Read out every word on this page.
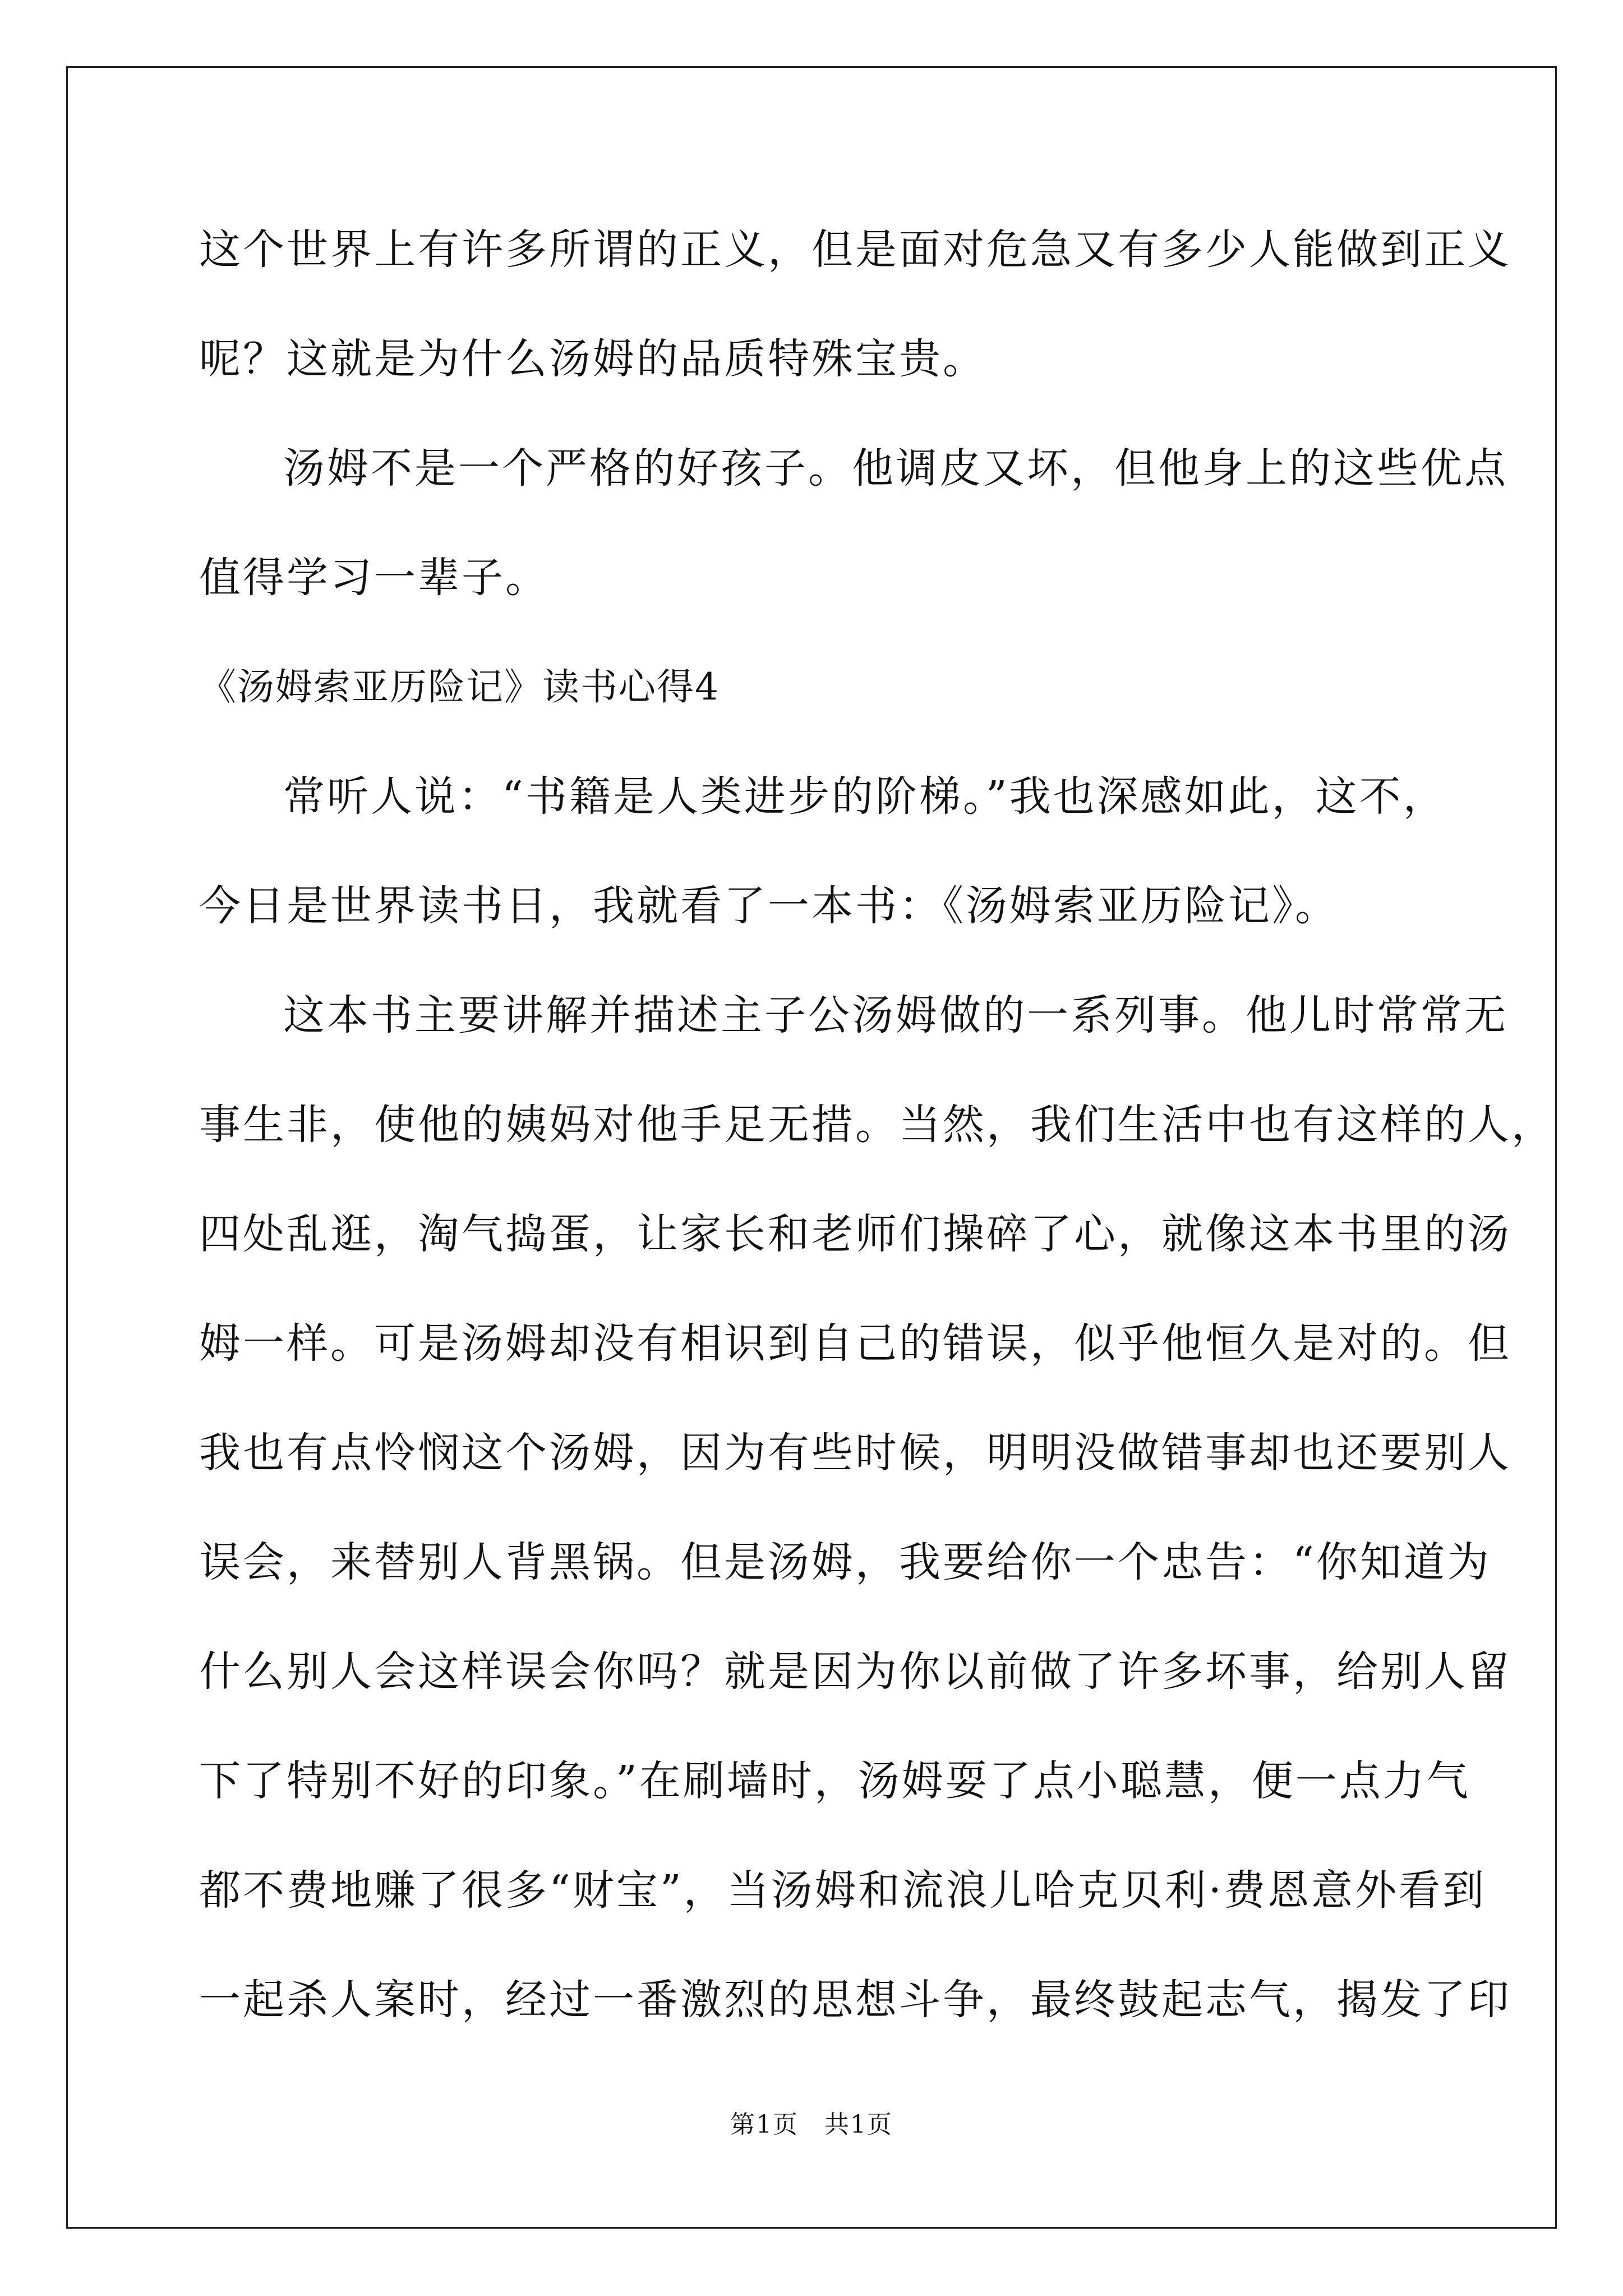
这个世界上有许多所谓的正义，但是面对危急又有多少人能做到正义
呢？这就是为什么汤姆的品质特殊宝贵。
汤姆不是一个严格的好孩子。他调皮又坏，但他身上的这些优点
值得学习一辈子。
《汤姆索亚历险记》读书心得4
常听人说：“书籍是人类进步的阶梯。”我也深感如此，这不，
今日是世界读书日，我就看了一本书：《汤姆索亚历险记》。
这本书主要讲解并描述主子公汤姆做的一系列事。他儿时常常无
事生非，使他的姨妈对他手足无措。当然，我们生活中也有这样的人，
四处乱逛，淘气捣蛋，让家长和老师们操碎了心，就像这本书里的汤
姆一样。可是汤姆却没有相识到自己的错误，似乎他恒久是对的。但
我也有点怜悯这个汤姆，因为有些时候，明明没做错事却也还要别人
误会，来替别人背黑锅。但是汤姆，我要给你一个忠告：“你知道为
什么别人会这样误会你吗？就是因为你以前做了许多坏事，给别人留
下了特别不好的印象。”在刷墙时，汤姆耍了点小聪慧，便一点力气
都不费地赚了很多“财宝”，当汤姆和流浪儿哈克贝利·费恩意外看到
一起杀人案时，经过一番激烈的思想斗争，最终鼓起志气，揭发了印
第1页　共1页
